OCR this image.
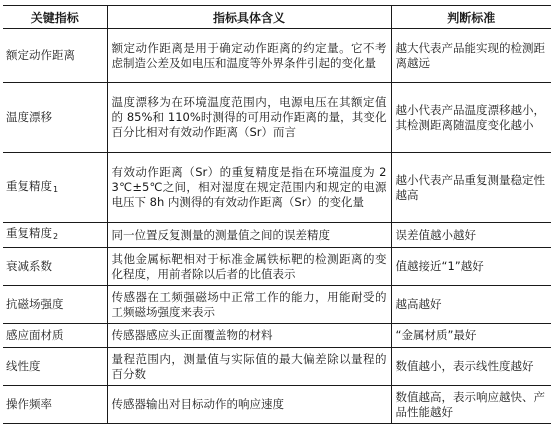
关键指标	指标具体含义	判断标准
额定动作距离	额定动作距离是用于确定动作距离的约定量。它不考虑制造公差及如电压和温度等外界条件引起的变化量	越大代表产品能实现的检测距离越远
温度漂移	温度漂移为在环境温度范围内，电源电压在其额定值的 85%和 110%时测得的可用动作距离的量，其变化百分比相对有效动作距离（Sr）而言	越小代表产品温度漂移越小，其检测距离随温度变化越小
重复精度$_1$	有效动作距离（Sr）的重复精度是指在环境温度为 23℃±5℃之间，相对湿度在规定范围内和规定的电源电压下 8h 内测得的有效动作距离（Sr）的变化量	越小代表产品重复测量稳定性越高
重复精度$_2$	同一位置反复测量的测量值之间的误差精度	误差值越小越好
衰减系数	其他金属标靶相对于标准金属铁标靶的检测距离的变化程度，用前者除以后者的比值表示	值越接近“1”越好
抗磁场强度	传感器在工频强磁场中正常工作的能力，用能耐受的工频磁场强度来表示	越高越好
感应面材质	传感器感应头正面覆盖物的材料	“金属材质”最好
线性度	量程范围内，测量值与实际值的最大偏差除以量程的百分数	数值越小，表示线性度越好
操作频率	传感器输出对目标动作的响应速度	数值越高，表示响应越快、产品性能越好
